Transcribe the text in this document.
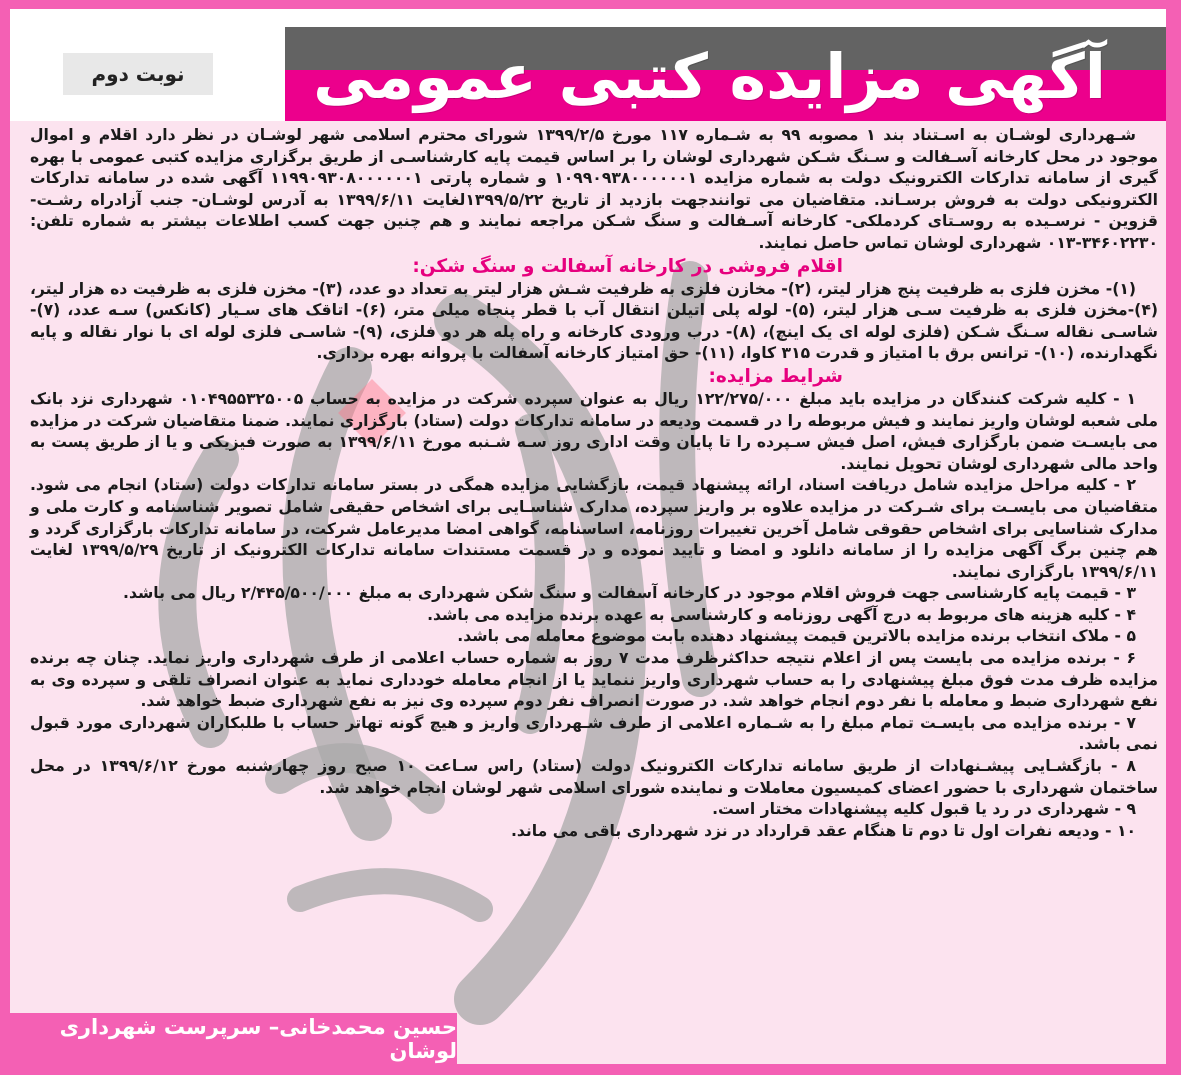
نوبت دوم	آگهی مزایده کتبی عمومی

شـهرداری لوشـان به اسـتناد بند ۱ مصوبه ۹۹ به شـماره ۱۱۷ مورخ ۱۳۹۹/۲/۵ شورای محترم اسلامی شهر لوشـان در نظر دارد اقلام و اموال موجود در محل کارخانه آسـفالت و سـنگ شـکن شهرداری لوشان را بر اساس قیمت پایه کارشناسـی از طریق برگزاری مزایده کتبی عمومی با بهره گیری از سامانه تدارکات الکترونیک دولت به شماره مزایده ۱۰۹۹۰۹۳۸۰۰۰۰۰۰۱ و شماره پارتی ۱۱۹۹۰۹۳۰۸۰۰۰۰۰۰۱ آگهی شده در سامانه تدارکات الکترونیکی دولت به فروش برسـاند. متقاضیان می توانندجهت بازدید از تاریخ ۱۳۹۹/۵/۲۲لغایت ۱۳۹۹/۶/۱۱ به آدرس لوشـان- جنب آزادراه رشـت- قزوین - نرسـیده به روسـتای کردملکی- کارخانه آسـفالت و سنگ شـکن مراجعه نمایند و هم چنین جهت کسب اطلاعات بیشتر به شماره تلفن: ۳۴۶۰۲۲۳۰-۰۱۳ شهرداری لوشان تماس حاصل نمایند.

اقلام فروشی در کارخانه آسفالت و سنگ شکن:

(۱)- مخزن فلزی به ظرفیت پنج هزار لیتر، (۲)- مخازن فلزی به ظرفیت شـش هزار لیتر به تعداد دو عدد، (۳)- مخزن فلزی به ظرفیت ده هزار لیتر، (۴)-مخزن فلزی به ظرفیت سـی هزار لیتر، (۵)- لوله پلی اتیلن انتقال آب با قطر پنجاه میلی متر، (۶)- اتاقک های سـیار (کانکس) سـه عدد، (۷)- شاسـی نقاله سـنگ شـکن (فلزی لوله ای یک اینچ)، (۸)- درب ورودی کارخانه و راه پله هر دو فلزی، (۹)- شاسـی فلزی لوله ای با نوار نقاله و پایه نگهدارنده، (۱۰)- ترانس برق با امتیاز و قدرت ۳۱۵ کاوا، (۱۱)- حق امتیاز کارخانه آسفالت با پروانه بهره برداری.

شرایط مزایده:

۱ - کلیه شرکت کنندگان در مزایده باید مبلغ ۱۲۲/۲۷۵/۰۰۰ ریال به عنوان سپرده شرکت در مزایده به حساب ۰۱۰۴۹۵۵۳۲۵۰۰۵ شهرداری نزد بانک ملی شعبه لوشان واریز نمایند و فیش مربوطه را در قسمت ودیعه در سامانه تدارکات دولت (ستاد) بارگزاری نمایند. ضمنا متقاضیان شرکت در مزایده می بایسـت ضمن بارگزاری فیش، اصل فیش سـپرده را تا پایان وقت اداری روز سـه شـنبه مورخ ۱۳۹۹/۶/۱۱ به صورت فیزیکی و یا از طریق پست به واحد مالی شهرداری لوشان تحویل نمایند.

۲ - کلیه مراحل مزایده شامل دریافت اسناد، ارائه پیشنهاد قیمت، بازگشایی مزایده همگی در بستر سامانه تدارکات دولت (ستاد) انجام می شود. متقاضیان می بایسـت برای شـرکت در مزایده علاوه بر واریز سپرده، مدارک شناسـایی برای اشخاص حقیقی شامل تصویر شناسنامه و کارت ملی و مدارک شناسایی برای اشخاص حقوقی شامل آخرین تغییرات روزنامه، اساسنامه، گواهی امضا مدیرعامل شرکت، در سامانه تدارکات بارگزاری گردد و هم چنین برگ آگهی مزایده را از سامانه دانلود و امضا و تایید نموده و در قسمت مستندات سامانه تدارکات الکترونیک از تاریخ ۱۳۹۹/۵/۲۹ لغایت ۱۳۹۹/۶/۱۱ بارگزاری نمایند.

۳ - قیمت پایه کارشناسی جهت فروش اقلام موجود در کارخانه آسفالت و سنگ شکن شهرداری به مبلغ ۲/۴۴۵/۵۰۰/۰۰۰ ریال می باشد.

۴ - کلیه هزینه های مربوط به درج آگهی روزنامه و کارشناسی به عهده برنده مزایده می باشد.

۵ - ملاک انتخاب برنده مزایده بالاترین قیمت پیشنهاد دهنده بابت موضوع معامله می باشد.

۶ - برنده مزایده می بایست پس از اعلام نتیجه حداکثرظرف مدت ۷ روز به شماره حساب اعلامی از طرف شهرداری واریز نماید. چنان چه برنده مزایده ظرف مدت فوق مبلغ پیشنهادی را به حساب شهرداری واریز ننماید یا از انجام معامله خودداری نماید به عنوان انصراف تلقی و سپرده وی به نفع شهرداری ضبط و معامله با نفر دوم انجام خواهد شد. در صورت انصراف نفر دوم سپرده وی نیز به نفع شهرداری ضبط خواهد شد.

۷ - برنده مزایده می بایسـت تمام مبلغ را به شـماره اعلامی از طرف شـهرداری واریز و هیچ گونه تهاتر حساب با طلبکاران شهرداری مورد قبول نمی باشد.

۸ - بازگشـایی پیشـنهادات از طریق سامانه تدارکات الکترونیک دولت (ستاد) راس سـاعت ۱۰ صبح روز چهارشنبه مورخ ۱۳۹۹/۶/۱۲ در محل ساختمان شهرداری با حضور اعضای کمیسیون معاملات و نماینده شورای اسلامی شهر لوشان انجام خواهد شد.

۹ - شهرداری در رد یا قبول کلیه پیشنهادات مختار است.

۱۰ - ودیعه نفرات اول تا دوم تا هنگام عقد قرارداد در نزد شهرداری باقی می ماند.

حسین محمدخانی– سرپرست شهرداری لوشان
